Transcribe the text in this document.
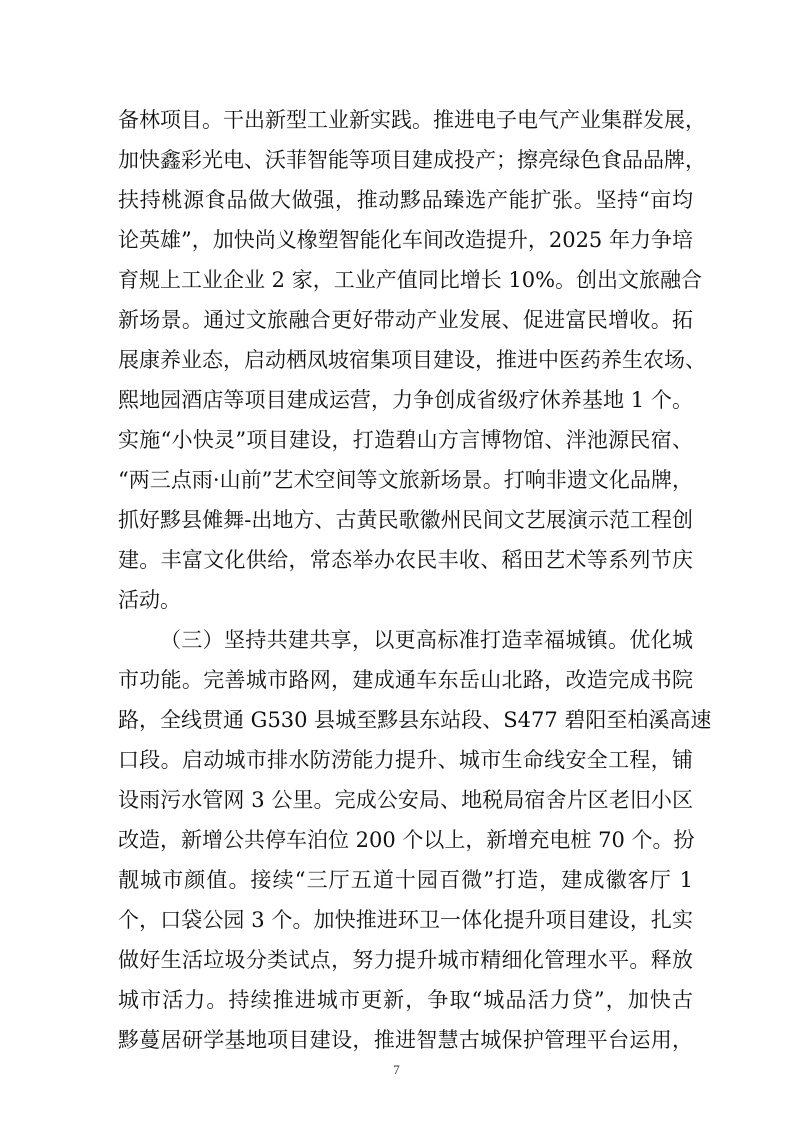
备林项目。干出新型工业新实践。推进电子电气产业集群发展，
加快鑫彩光电、沃菲智能等项目建成投产；擦亮绿色食品品牌，
扶持桃源食品做大做强，推动黟品臻选产能扩张。坚持“亩均
论英雄”，加快尚义橡塑智能化车间改造提升，2025 年力争培
育规上工业企业 2 家，工业产值同比增长 10%。创出文旅融合
新场景。通过文旅融合更好带动产业发展、促进富民增收。拓
展康养业态，启动栖凤坡宿集项目建设，推进中医药养生农场、
熙地园酒店等项目建成运营，力争创成省级疗休养基地 1 个。
实施“小快灵”项目建设，打造碧山方言博物馆、泮池源民宿、
“两三点雨·山前”艺术空间等文旅新场景。打响非遗文化品牌，
抓好黟县傩舞-出地方、古黄民歌徽州民间文艺展演示范工程创
建。丰富文化供给，常态举办农民丰收、稻田艺术等系列节庆
活动。
（三）坚持共建共享，以更高标准打造幸福城镇。优化城
市功能。完善城市路网，建成通车东岳山北路，改造完成书院
路，全线贯通 G530 县城至黟县东站段、S477 碧阳至柏溪高速
口段。启动城市排水防涝能力提升、城市生命线安全工程，铺
设雨污水管网 3 公里。完成公安局、地税局宿舍片区老旧小区
改造，新增公共停车泊位 200 个以上，新增充电桩 70 个。扮
靓城市颜值。接续“三厅五道十园百微”打造，建成徽客厅 1
个，口袋公园 3 个。加快推进环卫一体化提升项目建设，扎实
做好生活垃圾分类试点，努力提升城市精细化管理水平。释放
城市活力。持续推进城市更新，争取“城品活力贷”，加快古
黟蔓居研学基地项目建设，推进智慧古城保护管理平台运用，
7
